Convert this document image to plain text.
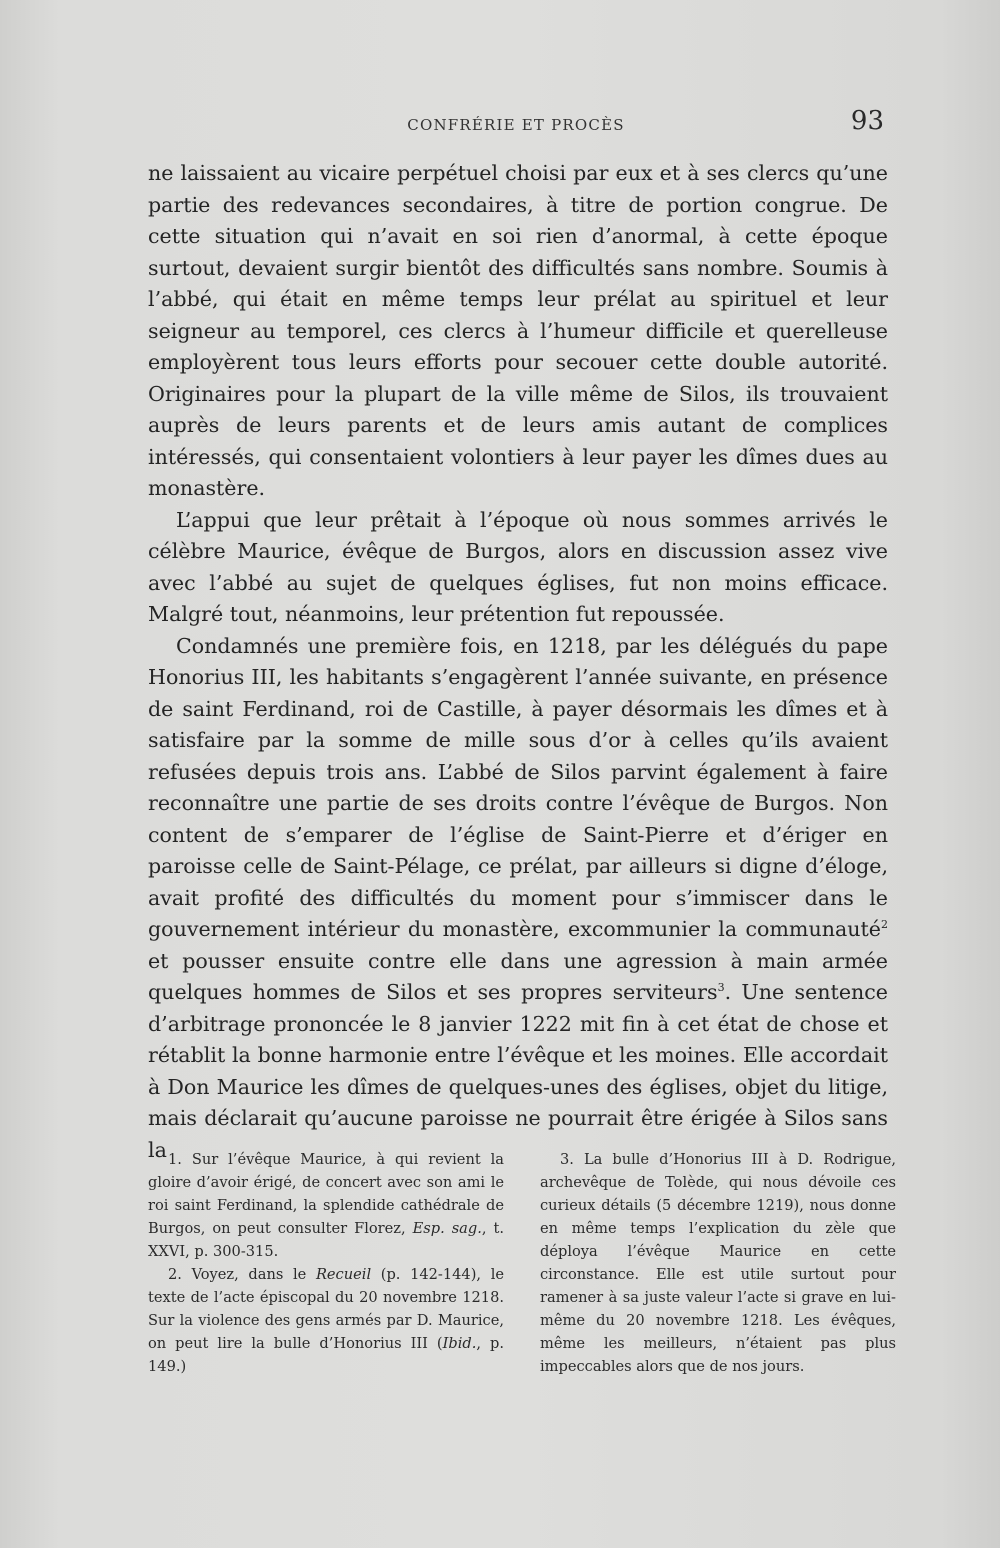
CONFRÉRIE ET PROCÈS	93

ne laissaient au vicaire perpétuel choisi par eux et à ses clercs qu’une partie des redevances secondaires, à titre de portion congrue. De cette situation qui n’avait en soi rien d’anormal, à cette époque surtout, devaient surgir bientôt des difficultés sans nombre. Soumis à l’abbé, qui était en même temps leur prélat au spirituel et leur seigneur au temporel, ces clercs à l’humeur difficile et querelleuse employèrent tous leurs efforts pour secouer cette double autorité. Originaires pour la plupart de la ville même de Silos, ils trouvaient auprès de leurs parents et de leurs amis autant de complices intéressés, qui consentaient volontiers à leur payer les dîmes dues au monastère.

L’appui que leur prêtait à l’époque où nous sommes arrivés le célèbre Maurice, évêque de Burgos, alors en discussion assez vive avec l’abbé au sujet de quelques églises, fut non moins efficace. Malgré tout, néanmoins, leur prétention fut repoussée.

Condamnés une première fois, en 1218, par les délégués du pape Honorius III, les habitants s’engagèrent l’année suivante, en présence de saint Ferdinand, roi de Castille, à payer désormais les dîmes et à satisfaire par la somme de mille sous d’or à celles qu’ils avaient refusées depuis trois ans. L’abbé de Silos parvint également à faire reconnaître une partie de ses droits contre l’évêque de Burgos. Non content de s’emparer de l’église de Saint-Pierre et d’ériger en paroisse celle de Saint-Pélage, ce prélat, par ailleurs si digne d’éloge, avait profité des difficultés du moment pour s’immiscer dans le gouvernement intérieur du monastère, excommunier la communauté$^2$ et pousser ensuite contre elle dans une agression à main armée quelques hommes de Silos et ses propres serviteurs$^3$. Une sentence d’arbitrage prononcée le 8 janvier 1222 mit fin à cet état de chose et rétablit la bonne harmonie entre l’évêque et les moines. Elle accordait à Don Maurice les dîmes de quelques-unes des églises, objet du litige, mais déclarait qu’aucune paroisse ne pourrait être érigée à Silos sans la 1. Sur l’évêque Maurice, à qui revient la gloire d’avoir érigé, de concert avec son ami le roi saint Ferdinand, la splendide cathédrale de Burgos, on peut consulter Florez, Esp. sag., t. XXVI, p. 300-315.

2. Voyez, dans le Recueil (p. 142-144), le texte de l’acte épiscopal du 20 novembre 1218. Sur la violence des gens armés par D. Maurice, on peut lire la bulle d’Honorius III (Ibid., p. 149.)

3. La bulle d’Honorius III à D. Rodrigue, archevêque de Tolède, qui nous dévoile ces curieux détails (5 décembre 1219), nous donne en même temps l’explication du zèle que déploya l’évêque Maurice en cette circonstance. Elle est utile surtout pour ramener à sa juste valeur l’acte si grave en lui-même du 20 novembre 1218. Les évêques, même les meilleurs, n’étaient pas plus impeccables alors que de nos jours.
